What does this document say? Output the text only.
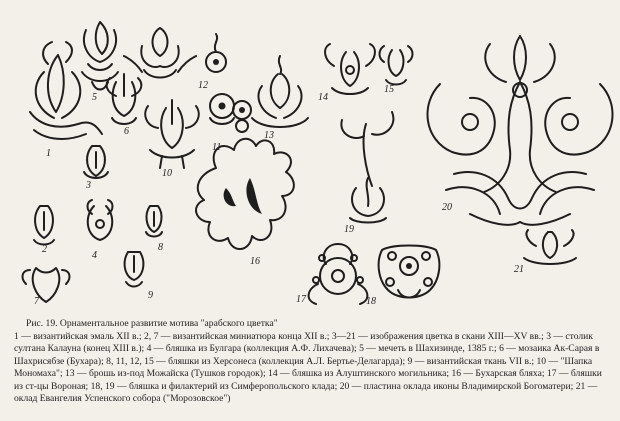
1
2
3
4
5
6
7
8
9
10
11
12
13
14
15
16
17	18
19
20
21

Рис. 19. Орнаментальное развитие мотива "арабского цветка"

1 — византийская эмаль XII в.; 2, 7 — византийская миниатюра конца XII в.; 3—21 — изображения цветка в скани XIII—XV вв.; 3 — столик султана Калауна (конец XIII в.); 4 — бляшка из Булгара (коллекция А.Ф. Лихачева); 5 — мечеть в Шахизинде, 1385 г.; 6 — мозаика Ак-Сарая в Шахрисябзе (Бухара); 8, 11, 12, 15 — бляшки из Херсонеса (коллекция А.Л. Бертье-Делагарда); 9 — византийская ткань VII в.; 10 — "Шапка Мономаха"; 13 — брошь из-под Можайска (Тушков городок); 14 — бляшка из Алуштинского могильника; 16 — Бухарская бляха; 17 — бляшки из ст-цы Вороная; 18, 19 — бляшка и филактерий из Симферопольского клада; 20 — пластина оклада иконы Владимирской Богоматери; 21 — оклад Евангелия Успенского собора ("Морозовское")
